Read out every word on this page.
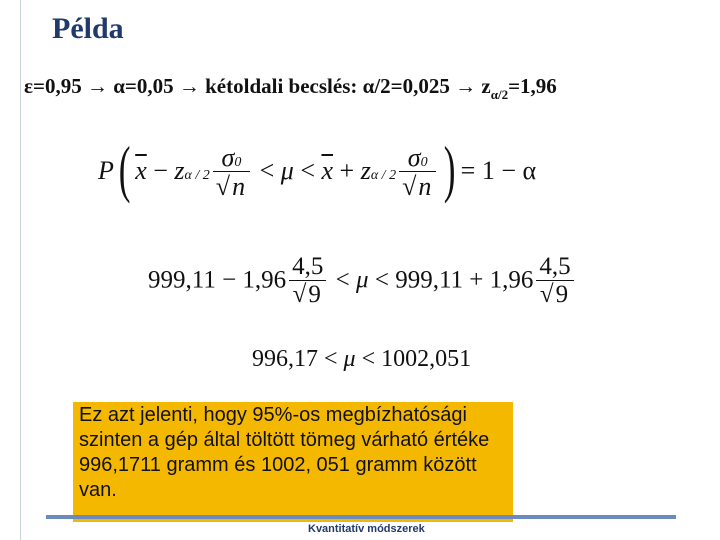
Példa
ε=0,95 → α=0,05 → kétoldali becslés: $\alpha/2=0,025 \to z_{\alpha/2}=1,96$
P( $\overline{x} - z\alpha / 2 \frac{\sigma 0}{√n} < \mu < \overline{x} + z\alpha / 2 \frac{\sigma 0}{√n}$ ) = 1 − α
$999,11 - 1,96 \frac{4,5}{√9} < \mu < 999,11 + 1,96 \frac{4,5}{√9}$
996,17 < μ < 1002,051
Ez azt jelenti, hogy 95%-os megbízhatósági szinten a gép által töltött tömeg várható értéke 996,1711 gramm és 1002, 051 gramm között van.
Kvantitatív módszerek
